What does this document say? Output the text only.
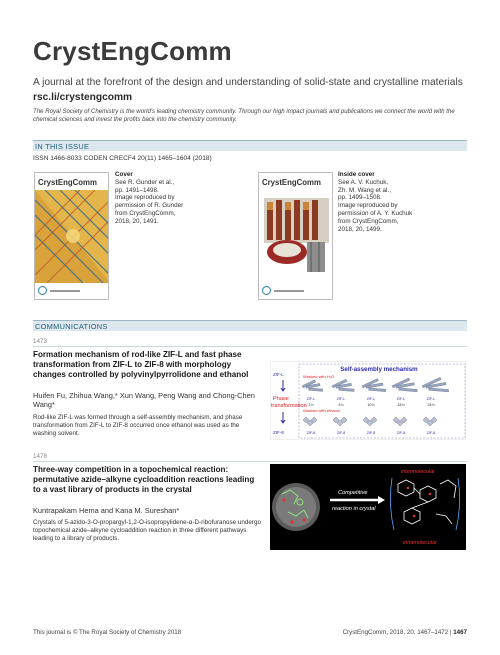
CrystEngComm
A journal at the forefront of the design and understanding of solid-state and crystalline materials
rsc.li/crystengcomm
The Royal Society of Chemistry is the world's leading chemistry community. Through our high impact journals and publications we connect the world with the chemical sciences and invest the profits back into the chemistry community.
IN THIS ISSUE
ISSN 1466-8033 CODEN CRECF4 20(11) 1465–1604 (2018)
CrystEngComm
Cover
See R. Gunder et al.,
pp. 1491–1498.
Image reproduced by
permission of R. Gunder
from CrystEngComm,
2018, 20, 1491.
CrystEngComm
Inside cover
See A. V. Kuchuk,
Zh. M. Wang et al.,
pp. 1499–1508.
Image reproduced by
permission of A. Y. Kuchuk
from CrystEngComm,
2018, 20, 1499.
COMMUNICATIONS
1473
Formation mechanism of rod-like ZIF-L and fast phase transformation from ZIF-L to ZIF-8 with morphology changes controlled by polyvinylpyrrolidone and ethanol
Huifen Fu, Zhihua Wang,* Xun Wang, Peng Wang and Chong-Chen Wang*
Rod-like ZIF-L was formed through a self-assembly mechanism, and phase transformation from ZIF-L to ZIF-8 occurred once ethanol was used as the washing solvent.
Self-assembly mechanism
Washed with H₂O
Washed with ethanol
ZIF-L
ZIF-8
Phase
transformation
ZIF-L
2 h
ZIF-L
5 h
ZIF-L
10 h
ZIF-L
15 h
ZIF-L
24 h
ZIF-8	ZIF-8	ZIF-8	ZIF-8	ZIF-8
1478
Three-way competition in a topochemical reaction: permutative azide–alkyne cycloaddition reactions leading to a vast library of products in the crystal
Kuntrapakam Hema and Kana M. Sureshan*
Crystals of 5-azido-3-O-propargyl-1,2-O-isopropylidene-α-D-ribofuranose undergo topochemical azide–alkyne cycloaddition reaction in three different pathways leading to a library of products.
Competitive
reaction in crystal
intermolecular
intramolecular
This journal is © The Royal Society of Chemistry 2018	CrystEngComm, 2018, 20, 1467–1472 | 1467
